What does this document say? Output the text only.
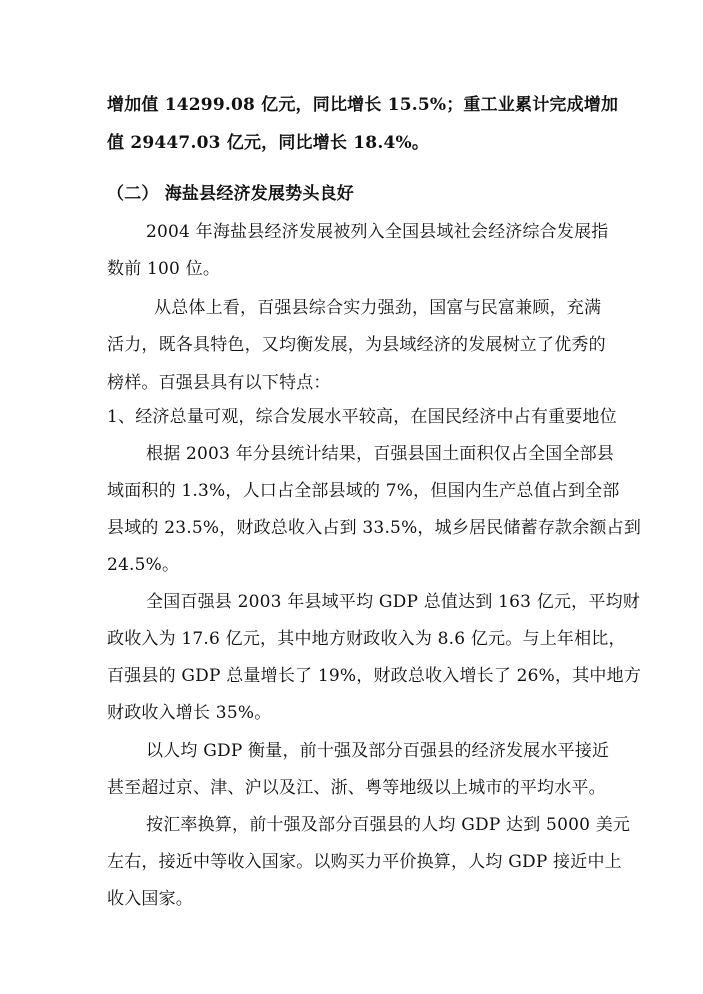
增加值 14299.08 亿元，同比增长 15.5%；重工业累计完成增加
值 29447.03 亿元，同比增长 18.4%。
（二） 海盐县经济发展势头良好
2004 年海盐县经济发展被列入全国县域社会经济综合发展指
数前 100 位。
从总体上看，百强县综合实力强劲，国富与民富兼顾，充满
活力，既各具特色，又均衡发展，为县域经济的发展树立了优秀的
榜样。百强县具有以下特点：
1、经济总量可观，综合发展水平较高，在国民经济中占有重要地位
根据 2003 年分县统计结果，百强县国土面积仅占全国全部县
域面积的 1.3%，人口占全部县域的 7%，但国内生产总值占到全部
县域的 23.5%，财政总收入占到 33.5%，城乡居民储蓄存款余额占到
24.5%。
全国百强县 2003 年县域平均 GDP 总值达到 163 亿元，平均财
政收入为 17.6 亿元，其中地方财政收入为 8.6 亿元。与上年相比，
百强县的 GDP 总量增长了 19%，财政总收入增长了 26%，其中地方
财政收入增长 35%。
以人均 GDP 衡量，前十强及部分百强县的经济发展水平接近
甚至超过京、津、沪以及江、浙、粤等地级以上城市的平均水平。
按汇率换算，前十强及部分百强县的人均 GDP 达到 5000 美元
左右，接近中等收入国家。以购买力平价换算，人均 GDP 接近中上
收入国家。
